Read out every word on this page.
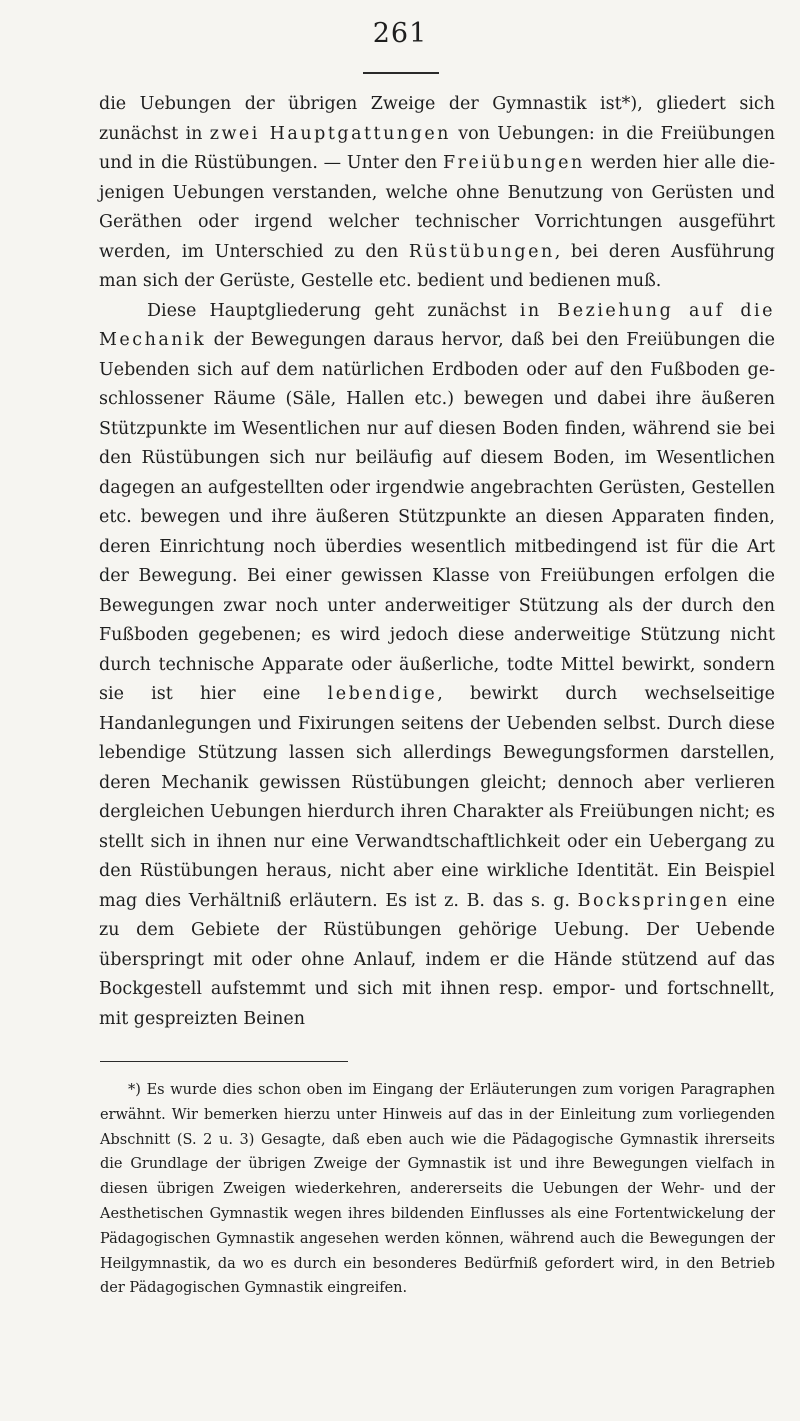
261

die Uebungen der übrigen Zweige der Gymnastik ist*), gliedert sich zunächst in zwei Hauptgattungen von Uebungen: in die Freiübungen und in die Rüstübungen. — Unter den Freiübungen werden hier alle diejenigen Uebungen verstanden, welche ohne Benutzung von Gerüsten und Geräthen oder irgend welcher technischer Vorrichtungen ausgeführt werden, im Unterschied zu den Rüstübungen, bei deren Ausführung man sich der Gerüste, Gestelle etc. bedient und bedienen muß.

Diese Hauptgliederung geht zunächst in Beziehung auf die Mechanik der Bewegungen daraus hervor, daß bei den Freiübungen die Uebenden sich auf dem natürlichen Erdboden oder auf den Fußboden geschlossener Räume (Säle, Hallen etc.) bewegen und dabei ihre äußeren Stützpunkte im Wesentlichen nur auf diesen Boden finden, während sie bei den Rüstübungen sich nur beiläufig auf diesem Boden, im Wesentlichen dagegen an aufgestellten oder irgendwie angebrachten Gerüsten, Gestellen etc. bewegen und ihre äußeren Stützpunkte an diesen Apparaten finden, deren Einrichtung noch überdies wesentlich mitbedingend ist für die Art der Bewegung. Bei einer gewissen Klasse von Freiübungen erfolgen die Bewegungen zwar noch unter anderweitiger Stützung als der durch den Fußboden gegebenen; es wird jedoch diese anderweitige Stützung nicht durch technische Apparate oder äußerliche, todte Mittel bewirkt, sondern sie ist hier eine lebendige, bewirkt durch wechselseitige Handanlegungen und Fixirungen seitens der Uebenden selbst. Durch diese lebendige Stützung lassen sich allerdings Bewegungsformen darstellen, deren Mechanik gewissen Rüstübungen gleicht; dennoch aber verlieren dergleichen Uebungen hierdurch ihren Charakter als Freiübungen nicht; es stellt sich in ihnen nur eine Verwandtschaftlichkeit oder ein Uebergang zu den Rüstübungen heraus, nicht aber eine wirkliche Identität. Ein Beispiel mag dies Verhältniß erläutern. Es ist z. B. das s. g. Bockspringen eine zu dem Gebiete der Rüstübungen gehörige Uebung. Der Uebende überspringt mit oder ohne Anlauf, indem er die Hände stützend auf das Bockgestell aufstemmt und sich mit ihnen resp. empor- und fortschnellt, mit gespreizten Beinen

*) Es wurde dies schon oben im Eingang der Erläuterungen zum vorigen Paragraphen erwähnt. Wir bemerken hierzu unter Hinweis auf das in der Einleitung zum vorliegenden Abschnitt (S. 2 u. 3) Gesagte, daß eben auch wie die Pädagogische Gymnastik ihrerseits die Grundlage der übrigen Zweige der Gymnastik ist und ihre Bewegungen vielfach in diesen übrigen Zweigen wiederkehren, andererseits die Uebungen der Wehr- und der Aesthetischen Gymnastik wegen ihres bildenden Einflusses als eine Fortentwickelung der Pädagogischen Gymnastik angesehen werden können, während auch die Bewegungen der Heilgymnastik, da wo es durch ein besonderes Bedürfniß gefordert wird, in den Betrieb der Pädagogischen Gymnastik eingreifen.
